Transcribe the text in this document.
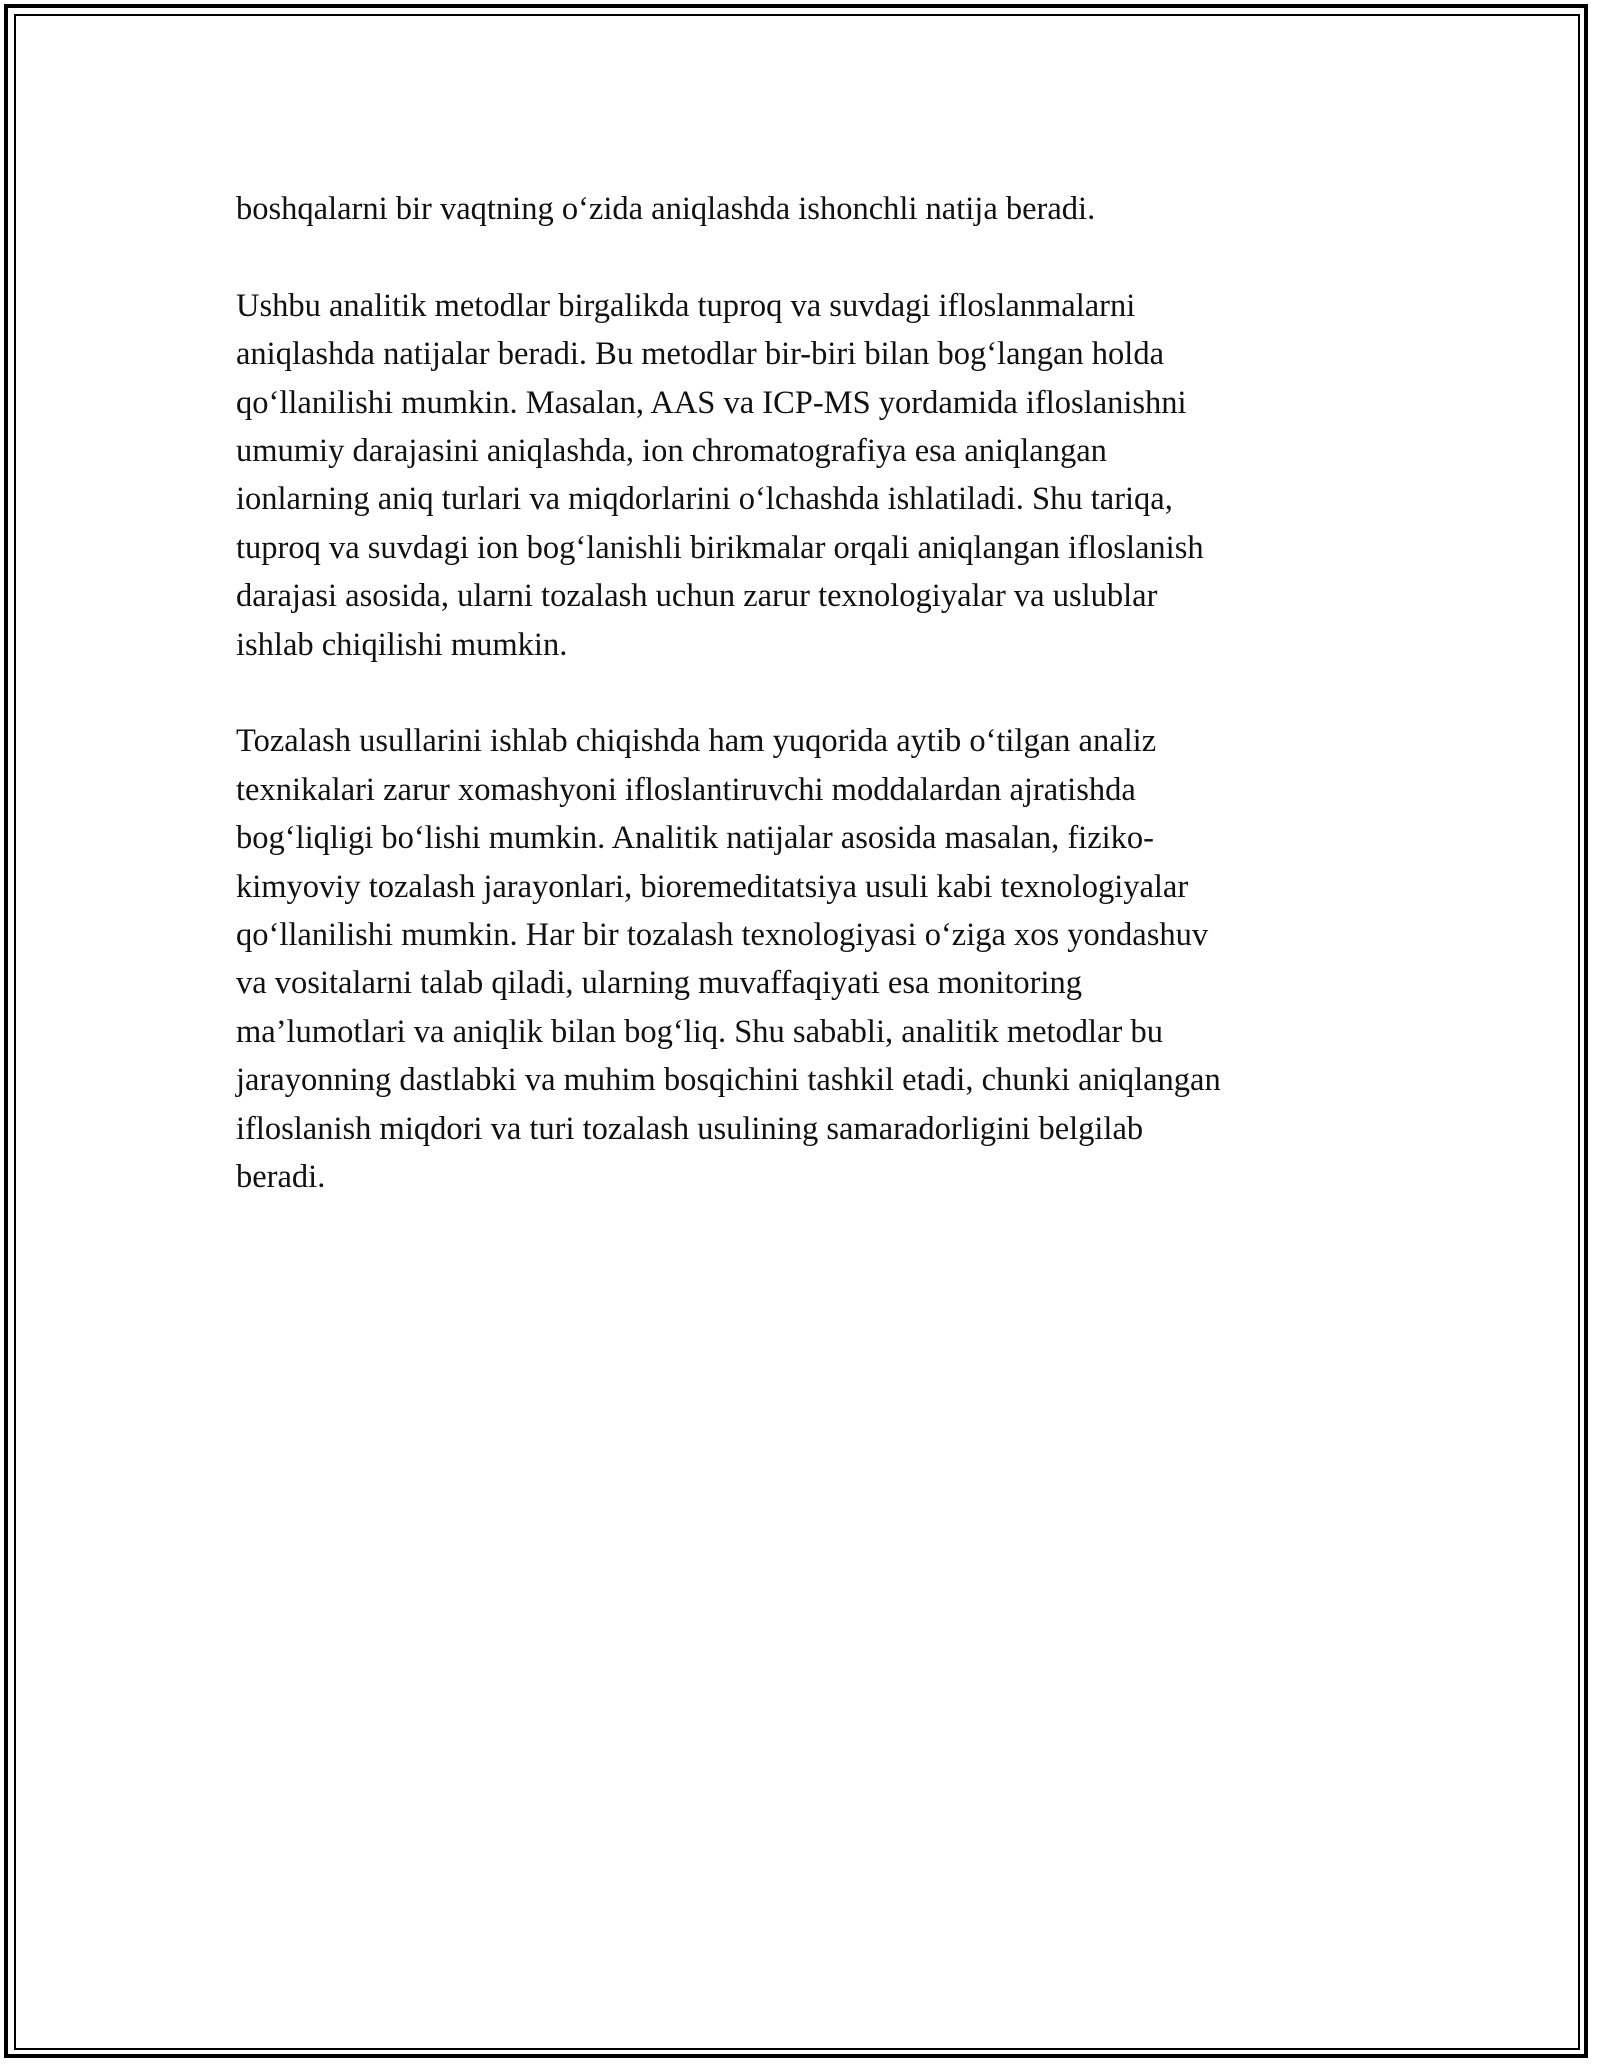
boshqalarni bir vaqtning o‘zida aniqlashda ishonchli natija beradi.

Ushbu analitik metodlar birgalikda tuproq va suvdagi ifloslanmalarni
aniqlashda natijalar beradi. Bu metodlar bir-biri bilan bog‘langan holda
qo‘llanilishi mumkin. Masalan, AAS va ICP-MS yordamida ifloslanishni
umumiy darajasini aniqlashda, ion chromatografiya esa aniqlangan
ionlarning aniq turlari va miqdorlarini o‘lchashda ishlatiladi. Shu tariqa,
tuproq va suvdagi ion bog‘lanishli birikmalar orqali aniqlangan ifloslanish
darajasi asosida, ularni tozalash uchun zarur texnologiyalar va uslublar
ishlab chiqilishi mumkin.

Tozalash usullarini ishlab chiqishda ham yuqorida aytib o‘tilgan analiz
texnikalari zarur xomashyoni ifloslantiruvchi moddalardan ajratishda
bog‘liqligi bo‘lishi mumkin. Analitik natijalar asosida masalan, fiziko-
kimyoviy tozalash jarayonlari, bioremeditatsiya usuli kabi texnologiyalar
qo‘llanilishi mumkin. Har bir tozalash texnologiyasi o‘ziga xos yondashuv
va vositalarni talab qiladi, ularning muvaffaqiyati esa monitoring
ma’lumotlari va aniqlik bilan bog‘liq. Shu sababli, analitik metodlar bu
jarayonning dastlabki va muhim bosqichini tashkil etadi, chunki aniqlangan
ifloslanish miqdori va turi tozalash usulining samaradorligini belgilab
beradi.
